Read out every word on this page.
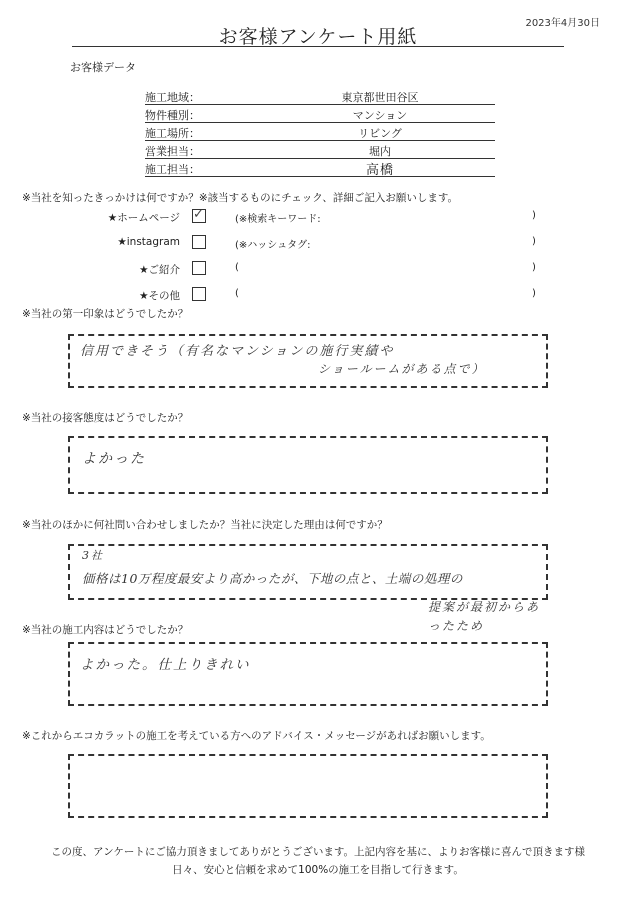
2023年4月30日
お客様アンケート用紙
お客様データ
施工地域：	東京都世田谷区
物件種別：	マンション
施工場所：	リビング
営業担当：	堀内
施工担当：	高橋
※当社を知ったきっかけは何ですか？※該当するものにチェック、詳細ご記入お願いします。
★ホームページ
✓	(※検索キーワード:	)
★instagram	(※ハッシュタグ:	)
★ご紹介	(	)
★その他	(	)
※当社の第一印象はどうでしたか？
信用できそう（有名なマンションの施行実績や
ショールームがある点で）
※当社の接客態度はどうでしたか？
よかった
※当社のほかに何社問い合わせしましたか？当社に決定した理由は何ですか？
3社
価格は10万程度最安より高かったが、下地の点と、土端の処理の
提案が最初からあったため
※当社の施工内容はどうでしたか？
よかった。仕上りきれい
※これからエコカラットの施工を考えている方へのアドバイス・メッセージがあればお願いします。
この度、アンケートにご協力頂きましてありがとうございます。上記内容を基に、よりお客様に喜んで頂きます様
日々、安心と信頼を求めて100%の施工を目指して行きます。
